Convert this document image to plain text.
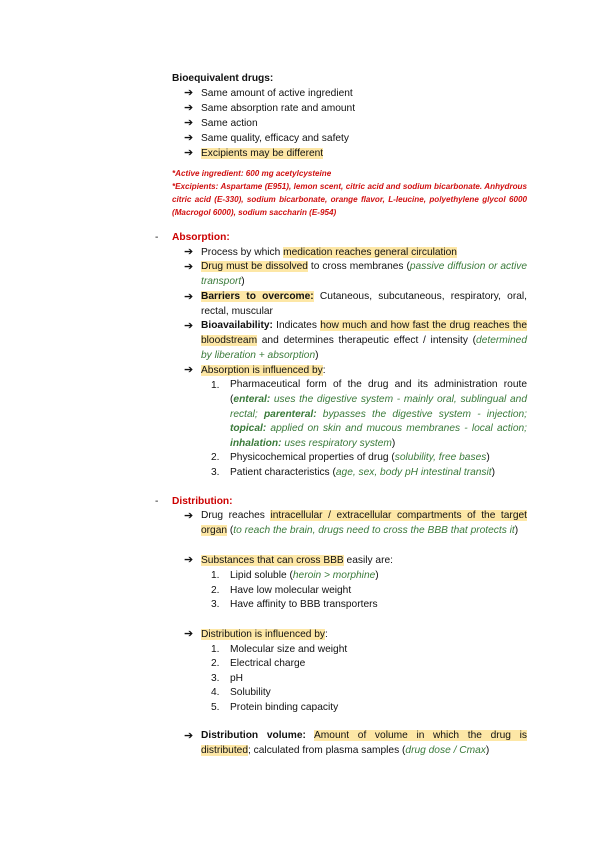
Bioequivalent drugs:
➔ Same amount of active ingredient
➔ Same absorption rate and amount
➔ Same action
➔ Same quality, efficacy and safety
➔ Excipients may be different
*Active ingredient: 600 mg acetylcysteine
*Excipients: Aspartame (E951), lemon scent, citric acid and sodium bicarbonate. Anhydrous citric acid (E-330), sodium bicarbonate, orange flavor, L-leucine, polyethylene glycol 6000 (Macrogol 6000), sodium saccharin (E-954)
- Absorption:
➔ Process by which medication reaches general circulation
➔ Drug must be dissolved to cross membranes (passive diffusion or active transport)
➔ Barriers to overcome: Cutaneous, subcutaneous, respiratory, oral, rectal, muscular
➔ Bioavailability: Indicates how much and how fast the drug reaches the bloodstream and determines therapeutic effect / intensity (determined by liberation + absorption)
➔ Absorption is influenced by:
1. Pharmaceutical form of the drug and its administration route (enteral: uses the digestive system - mainly oral, sublingual and rectal; parenteral: bypasses the digestive system - injection; topical: applied on skin and mucous membranes - local action; inhalation: uses respiratory system)
2. Physicochemical properties of drug (solubility, free bases)
3. Patient characteristics (age, sex, body pH intestinal transit)
- Distribution:
➔ Drug reaches intracellular / extracellular compartments of the target organ (to reach the brain, drugs need to cross the BBB that protects it)
➔ Substances that can cross BBB easily are:
1. Lipid soluble (heroin > morphine)
2. Have low molecular weight
3. Have affinity to BBB transporters
➔ Distribution is influenced by:
1. Molecular size and weight
2. Electrical charge
3. pH
4. Solubility
5. Protein binding capacity
➔ Distribution volume: Amount of volume in which the drug is distributed; calculated from plasma samples (drug dose / Cmax)
